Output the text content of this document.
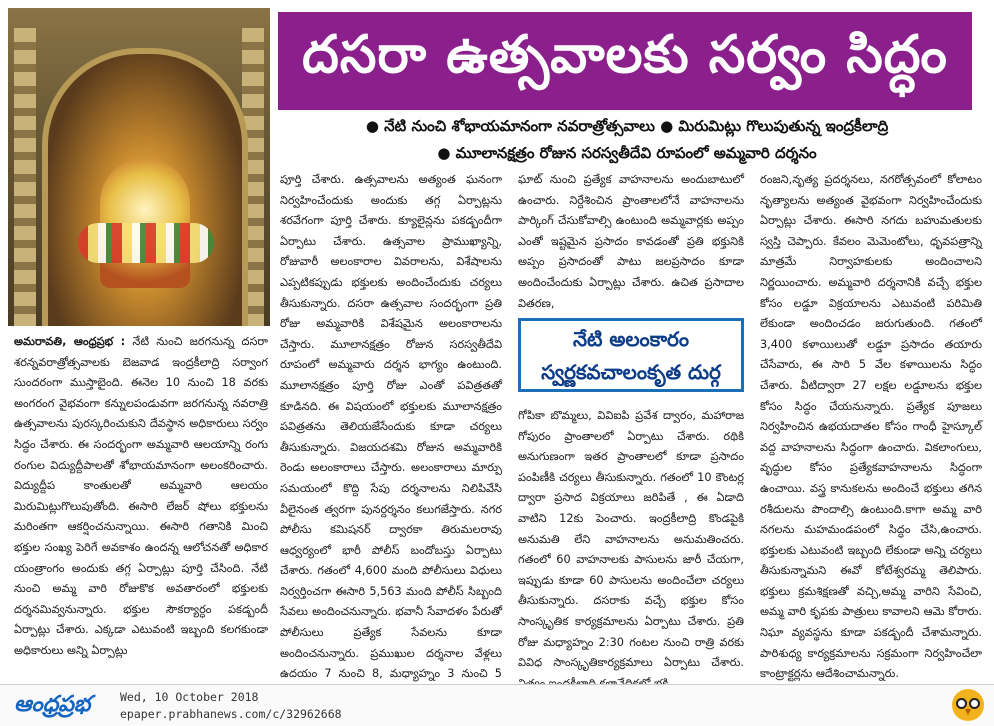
దసరా ఉత్సవాలకు సర్వం సిద్ధం
● నేటి నుంచి శోభాయమానంగా నవరాత్రోత్సవాలు ● మిరుమిట్లు గొలుపుతున్న ఇంద్రకీలాద్రి
● మూలానక్షత్రం రోజున సరస్వతీదేవి రూపంలో అమ్మవారి దర్శనం
అమరావతి, ఆంధ్రప్రభ : నేటి నుంచి జరగనున్న దసరా శరన్నవరాత్రోత్సవాలకు బెజవాడ ఇంద్రకీలాద్రి సర్వాంగ సుందరంగా ముస్తాబైంది. ఈనెల 10 నుంచి 18 వరకు అంగరంగ వైభవంగా కన్నులపండువగా జరగనున్న నవరాత్రి ఉత్సవాలను పురస్కరించుకుని దేవస్థాన అధికారులు సర్వం సిద్ధం చేశారు. ఈ సందర్భంగా అమ్మవారి ఆలయాన్ని రంగు రంగుల విద్యుద్దీపాలతో శోభాయమానంగా అలంకరించారు. విద్యుద్దీప కాంతులతో అమ్మవారి ఆలయం మిరుమిట్లుగొలుపుతోంది. ఈసారి లేజర్ షోలు భక్తులను మరింతగా ఆకర్షించనున్నాయి. ఈసారి గతానికి మించి భక్తుల సంఖ్య పెరిగే అవకాశం ఉందన్న ఆలోచనతో అధికార యంత్రాంగం అందుకు తగ్గ ఏర్పాట్లు పూర్తి చేసింది. నేటి నుంచి అమ్మ వారి రోజుకొక అవతారంలో భక్తులకు దర్శనమివ్వనున్నారు. భక్తుల సౌకర్యార్ధం పకడ్బందీ ఏర్పాట్లు చేశారు. ఎక్కడా ఎటువంటి ఇబ్బంది కలగకుండా అధికారులు అన్ని ఏర్పాట్లు
పూర్తి చేశారు. ఉత్సవాలను అత్యంత ఘనంగా నిర్వహించేందుకు అందుకు తగ్గ ఏర్పాట్లను శరవేగంగా పూర్తి చేశారు. క్యూలైన్లను పకడ్బందీగా ఏర్పాటు చేశారు. ఉత్సవాల ప్రాముఖ్యాన్ని, రోజువారీ అలంకారాల వివరాలను, విశేషాలను ఎప్పటికప్పుడు భక్తులకు అందించేందుకు చర్యలు తీసుకున్నారు. దసరా ఉత్సవాల సందర్భంగా ప్రతి రోజు అమ్మవారికి విశేషమైన అలంకారాలను చేస్తారు. మూలానక్షత్రం రోజున సరస్వతీదేవి రూపంలో అమ్మవారు దర్శన భాగ్యం ఉంటుంది. మూలానక్షత్రం పూర్తి రోజు ఎంతో పవిత్రతతో కూడినది. ఈ విషయంలో భక్తులకు మూలానక్షత్రం పవిత్రతను తెలియజేసేందుకు కూడా చర్యలు తీసుకున్నారు. విజయదశమి రోజున అమ్మవారికి రెండు అలంకారాలు చేస్తారు. అలంకారాలు మార్పు సమయంలో కొద్ది సేపు దర్శనాలను నిలిపివేసి వీలైనంత త్వరగా పునర్దర్శనం కలుగజేస్తారు. నగర పోలీసు కమిషనర్ ద్వారకా తిరుమలరావు ఆధ్వర్యంలో భారీ పోలీస్ బందోబస్తు ఏర్పాటు చేశారు. గతంలో 4,600 మంది పోలీసులు విధులు నిర్వర్తించగా ఈసారి 5,563 మంది పోలీస్ సిబ్బంది సేవలు అందించనున్నారు. భవానీ సేవాదళం పేరుతో పోలీసులు ప్రత్యేక సేవలను కూడా అందించనున్నారు. ప్రముఖుల దర్శనాల వేళ్లలు ఉదయం 7 నుంచి 8, మధ్యాహ్నం 3 నుంచి 5
ఘాట్ నుంచి ప్రత్యేక వాహనాలను అందుబాటులో ఉంచారు. నిర్దేశించిన ప్రాంతాలలోనే వాహనాలను పార్కింగ్ చేసుకోవాల్సి ఉంటుంది అమ్మవార్లకు అప్పం ఎంతో ఇష్టమైన ప్రసాదం కావడంతో ప్రతి భక్తునికి అప్పం ప్రసాదంతో పాటు జలప్రసాదం కూడా అందించేందుకు ఏర్పాట్లు చేశారు. ఉచిత ప్రసాదాల వితరణ,
నేటి అలంకారం
స్వర్ణకవచాలంకృత దుర్గ
గోపికా బొమ్మలు, వివిఐపి ప్రవేశ ద్వారం, మహారాజ గోపురం ప్రాంతాలలో ఏర్పాటు చేశారు. రథికి అనుగుణంగా ఇతర ప్రాంతాలలో కూడా ప్రసాదం పంపిణీకి చర్యలు తీసుకున్నారు. గతంలో 10 కౌంటర్ల ద్వారా ప్రసాద విక్రయాలు జరిపితే , ఈ ఏడాది వాటిని 12కు పెంచారు. ఇంద్రకీలాద్రి కొండపైకి అనుమతి లేని వాహనాలను అనుమతించరు. గతంలో 60 వాహనాలకు పాసులను జారీ చేయగా, ఇప్పుడు కూడా 60 పాసులను అందించేలా చర్యలు తీసుకున్నారు. దసరాకు వచ్చే భక్తుల కోసం సాంస్కృతిక కార్యక్రమాలను ఏర్పాటు చేశారు. ప్రతి రోజు మధ్యాహ్నం 2:30 గంటల నుంచి రాత్రి వరకు వివిధ సాంస్కృతికార్యక్రమాలు ఏర్పాటు చేశారు.
రంజని,నృత్య ప్రదర్శనలు, నగరోత్సవంలో కోలాటం నృత్యాలను అత్యంత వైభవంగా నిర్వహించేందుకు ఏర్పాట్లు చేశారు. ఈసారి నగదు బహుమతులకు స్వస్తి చెప్పారు. కేవలం మెమెంటోలు, ధృవపత్రాన్ని మాత్రమే నిర్వాహకులకు అందించాలని నిర్ణయించారు. అమ్మవారి దర్శనానికి వచ్చే భక్తుల కోసం లడ్డూ విక్రయాలను ఎటువంటి పరిమితి లేకుండా అందించడం జరుగుతుంది. గతంలో 3,400 కళాయిలుతో లడ్డూ ప్రసాదం తయారు చేసేవారు, ఈ సారి 5 వేల కళాయిలను సిద్ధం చేశారు. వీటిద్వారా 27 లక్షల లడ్డూలను భక్తుల కోసం సిద్ధం చేయనున్నారు. ప్రత్యేక పూజలు నిర్వహించిన ఉభయదాతల కోసం గాంధీ హైస్కూల్ వద్ద వాహనాలను సిద్ధంగా ఉంచారు. వికలాంగులు, వృద్ధుల కోసం ప్రత్యేకవాహనాలను సిద్ధంగా ఉంచాయి. వస్త్ర కానుకలను అందించే భక్తులు తగిన రశీదులను పొందాల్సి ఉంటుంది.కాగా అమ్మ వారి నగలను మహమండపంలో సిద్ధం చేసి,ఉంచారు. భక్తులకు ఎటువంటి ఇబ్బంది లేకుండా అన్ని చర్యలు తీసుకున్నామని ఈవో కోటేశ్వరమ్మ తెలిపారు. భక్తులు క్రమశిక్షణతో వచ్చి,అమ్మ వారిని సేవించి, అమ్మ వారి కృపకు పాత్రులు కావాలని ఆమె కోరారు. నిఘా వ్యవస్థను కూడా పకడ్బందీ చేశామన్నారు. పారిశుధ్య కార్యక్రమాలను సక్రమంగా నిర్వహించేలా కాంట్రాక్టర్లను ఆదేశించామన్నారు.
ఆంధ్రప్రభ	Wed, 10 October 2018
epaper.prabhanews.com/c/32962668
